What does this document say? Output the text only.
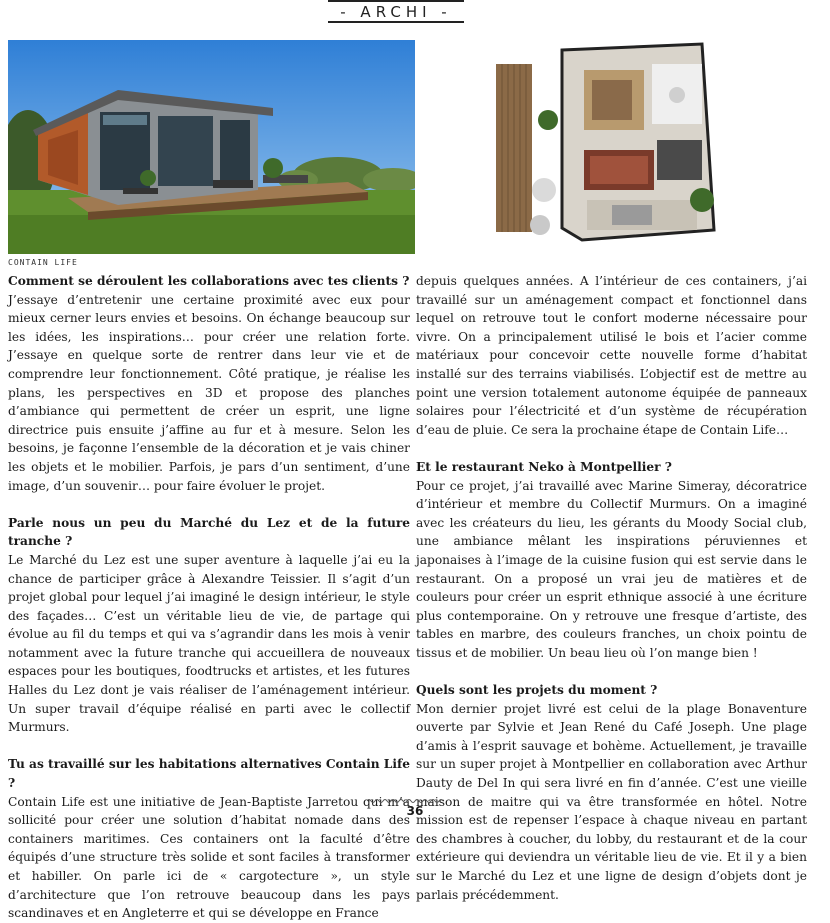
- ARCHI -
CONTAIN LIFE
Comment se déroulent les collaborations avec tes clients ?

J’essaye d’entretenir une certaine proximité avec eux pour mieux cerner leurs envies et besoins. On échange beaucoup sur les idées, les inspirations… pour créer une relation forte. J’essaye en quelque sorte de rentrer dans leur vie et de comprendre leur fonctionnement. Côté pratique, je réalise les plans, les perspectives en 3D et propose des planches d’ambiance qui permettent de créer un esprit, une ligne directrice puis ensuite j’affine au fur et à mesure. Selon les besoins, je façonne l’ensemble de la décoration et je vais chiner les objets et le mobilier. Parfois, je pars d’un sentiment, d’une image, d’un souvenir… pour faire évoluer le projet.

Parle nous un peu du Marché du Lez et de la future tranche ?

Le Marché du Lez est une super aventure à laquelle j’ai eu la chance de participer grâce à Alexandre Teissier. Il s’agit d’un projet global pour lequel j’ai imaginé le design intérieur, le style des façades… C’est un véritable lieu de vie, de partage qui évolue au fil du temps et qui va s’agrandir dans les mois à venir notamment avec la future tranche qui accueillera de nouveaux espaces pour les boutiques, foodtrucks et artistes, et les futures Halles du Lez dont je vais réaliser de l’aménagement intérieur. Un super travail d’équipe réalisé en parti avec le collectif Murmurs.

Tu as travaillé sur les habitations alternatives Contain Life ?

Contain Life est une initiative de Jean-Baptiste Jarretou qui m’a sollicité pour créer une solution d’habitat nomade dans des containers maritimes. Ces containers ont la faculté d’être équipés d’une structure très solide et sont faciles à transformer et habiller. On parle ici de « cargotecture », un style d’architecture que l’on retrouve beaucoup dans les pays scandinaves et en Angleterre et qui se développe en France

depuis quelques années. A l’intérieur de ces containers, j’ai travaillé sur un aménagement compact et fonctionnel dans lequel on retrouve tout le confort moderne nécessaire pour vivre. On a principalement utilisé le bois et l’acier comme matériaux pour concevoir cette nouvelle forme d’habitat installé sur des terrains viabilisés. L’objectif est de mettre au point une version totalement autonome équipée de panneaux solaires pour l’électricité et d’un système de récupération d’eau de pluie. Ce sera la prochaine étape de Contain Life…

Et le restaurant Neko à Montpellier ?

Pour ce projet, j’ai travaillé avec Marine Simeray, décoratrice d’intérieur et membre du Collectif Murmurs. On a imaginé avec les créateurs du lieu, les gérants du Moody Social club, une ambiance mêlant les inspirations péruviennes et japonaises à l’image de la cuisine fusion qui est servie dans le restaurant. On a proposé un vrai jeu de matières et de couleurs pour créer un esprit ethnique associé à une écriture plus contemporaine. On y retrouve une fresque d’artiste, des tables en marbre, des couleurs franches, un choix pointu de tissus et de mobilier. Un beau lieu où l’on mange bien !

Quels sont les projets du moment ?

Mon dernier projet livré est celui de la plage Bonaventure ouverte par Sylvie et Jean René du Café Joseph. Une plage d’amis à l’esprit sauvage et bohème. Actuellement, je travaille sur un super projet à Montpellier en collaboration avec Arthur Dauty de Del In qui sera livré en fin d’année. C’est une vieille maison de maitre qui va être transformée en hôtel. Notre mission est de repenser l’espace à chaque niveau en partant des chambres à coucher, du lobby, du restaurant et de la cour extérieure qui deviendra un véritable lieu de vie. Et il y a bien sur le Marché du Lez et une ligne de design d’objets dont je parlais précédemment.

36
